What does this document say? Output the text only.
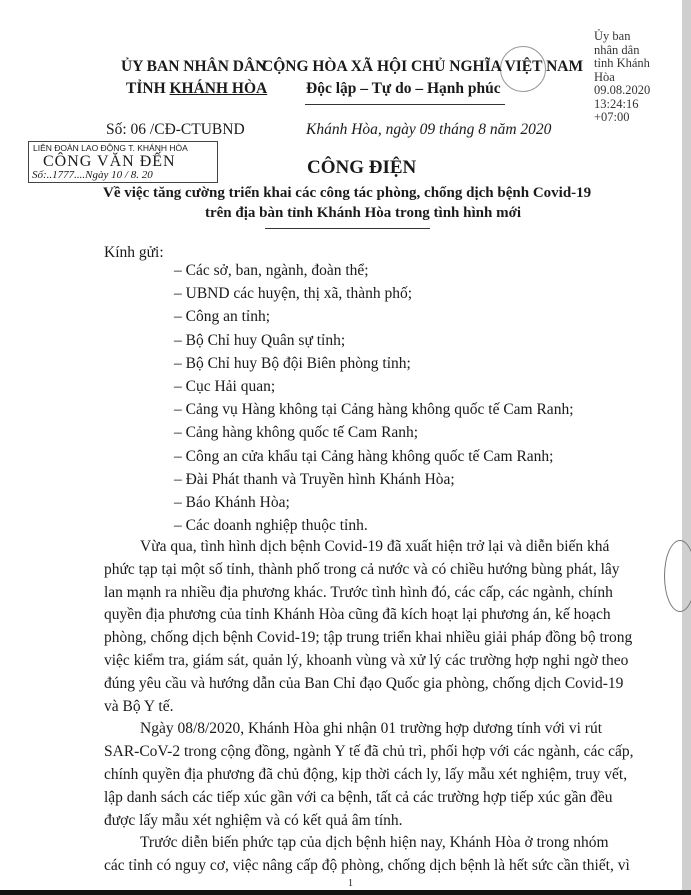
ỦY BAN NHÂN DÂN
TỈNH KHÁNH HÒA
CỘNG HÒA XÃ HỘI CHỦ NGHĨA VIỆT NAM
Độc lập – Tự do – Hạnh phúc
Ủy ban
nhân dân
tỉnh Khánh
Hòa
09.08.2020
13:24:16
+07:00
Số: 06 /CĐ-CTUBND	Khánh Hòa, ngày 09 tháng 8 năm 2020
LIÊN ĐOÀN LAO ĐỘNG T. KHÁNH HÒA
CÔNG VĂN ĐẾN
Số:..1777....Ngày 10 / 8. 20	CÔNG ĐIỆN
Về việc tăng cường triển khai các công tác phòng, chống dịch bệnh Covid-19
trên địa bàn tỉnh Khánh Hòa trong tình hình mới
Kính gửi:
– Các sở, ban, ngành, đoàn thể;
– UBND các huyện, thị xã, thành phố;
– Công an tỉnh;
– Bộ Chỉ huy Quân sự tỉnh;
– Bộ Chỉ huy Bộ đội Biên phòng tỉnh;
– Cục Hải quan;
– Cảng vụ Hàng không tại Cảng hàng không quốc tế Cam Ranh;
– Cảng hàng không quốc tế Cam Ranh;
– Công an cửa khẩu tại Cảng hàng không quốc tế Cam Ranh;
– Đài Phát thanh và Truyền hình Khánh Hòa;
– Báo Khánh Hòa;
– Các doanh nghiệp thuộc tỉnh.
Vừa qua, tình hình dịch bệnh Covid-19 đã xuất hiện trở lại và diễn biến khá
phức tạp tại một số tỉnh, thành phố trong cả nước và có chiều hướng bùng phát, lây
lan mạnh ra nhiều địa phương khác. Trước tình hình đó, các cấp, các ngành, chính
quyền địa phương của tỉnh Khánh Hòa cũng đã kích hoạt lại phương án, kế hoạch
phòng, chống dịch bệnh Covid-19; tập trung triển khai nhiều giải pháp đồng bộ trong
việc kiểm tra, giám sát, quản lý, khoanh vùng và xử lý các trường hợp nghi ngờ theo
đúng yêu cầu và hướng dẫn của Ban Chỉ đạo Quốc gia phòng, chống dịch Covid-19
và Bộ Y tế.
Ngày 08/8/2020, Khánh Hòa ghi nhận 01 trường hợp dương tính với vi rút
SAR-CoV-2 trong cộng đồng, ngành Y tế đã chủ trì, phối hợp với các ngành, các cấp,
chính quyền địa phương đã chủ động, kịp thời cách ly, lấy mẫu xét nghiệm, truy vết,
lập danh sách các tiếp xúc gần với ca bệnh, tất cả các trường hợp tiếp xúc gần đều
được lấy mẫu xét nghiệm và có kết quả âm tính.
Trước diễn biến phức tạp của dịch bệnh hiện nay, Khánh Hòa ở trong nhóm
các tỉnh có nguy cơ, việc nâng cấp độ phòng, chống dịch bệnh là hết sức cần thiết, vì
1
